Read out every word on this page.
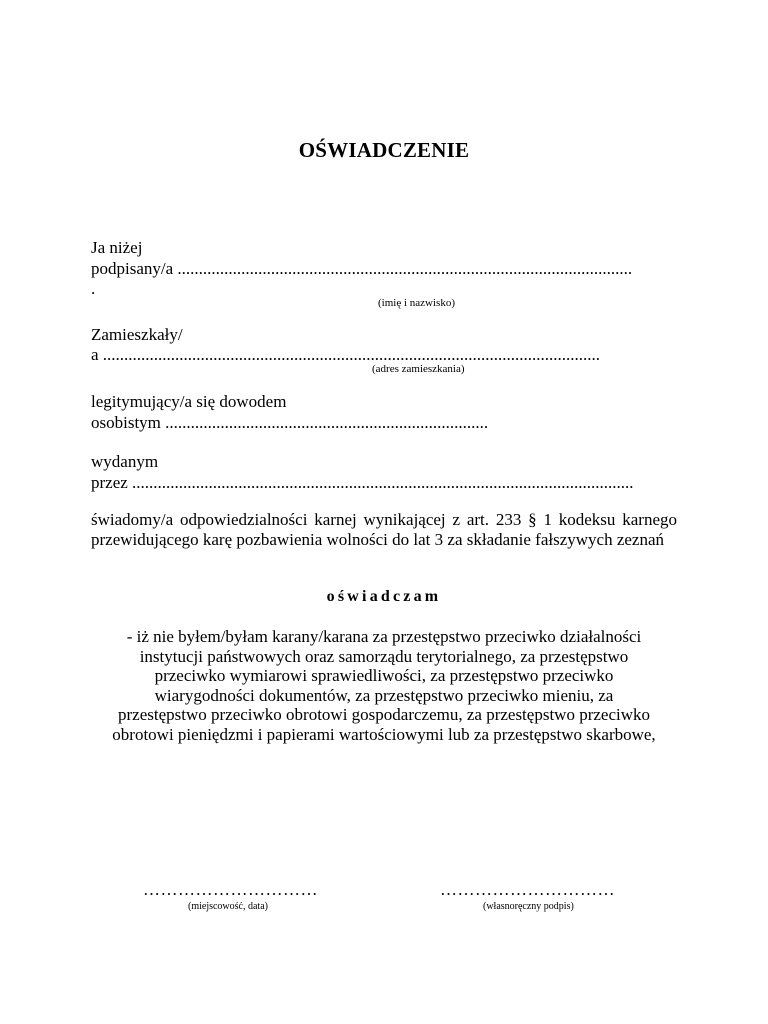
OŚWIADCZENIE
Ja niżej
podpisany/a ...........................................................................................................
.
(imię i nazwisko)
Zamieszkały/
a .....................................................................................................................
(adres zamieszkania)
legitymujący/a się dowodem
osobistym ............................................................................
wydanym
przez ......................................................................................................................
świadomy/a odpowiedzialności karnej wynikającej z art. 233 § 1 kodeksu karnego przewidującego karę pozbawienia wolności do lat 3 za składanie fałszywych zeznań
oświadczam
- iż nie byłem/byłam karany/karana za przestępstwo przeciwko działalności
instytucji państwowych oraz samorządu terytorialnego, za przestępstwo
przeciwko wymiarowi sprawiedliwości, za przestępstwo przeciwko
wiarygodności dokumentów, za przestępstwo przeciwko mieniu, za
przestępstwo przeciwko obrotowi gospodarczemu, za przestępstwo przeciwko
obrotowi pieniędzmi i papierami wartościowymi lub za przestępstwo skarbowe,
…………………………
(miejscowość, data)
…………………………
(własnoręczny podpis)
